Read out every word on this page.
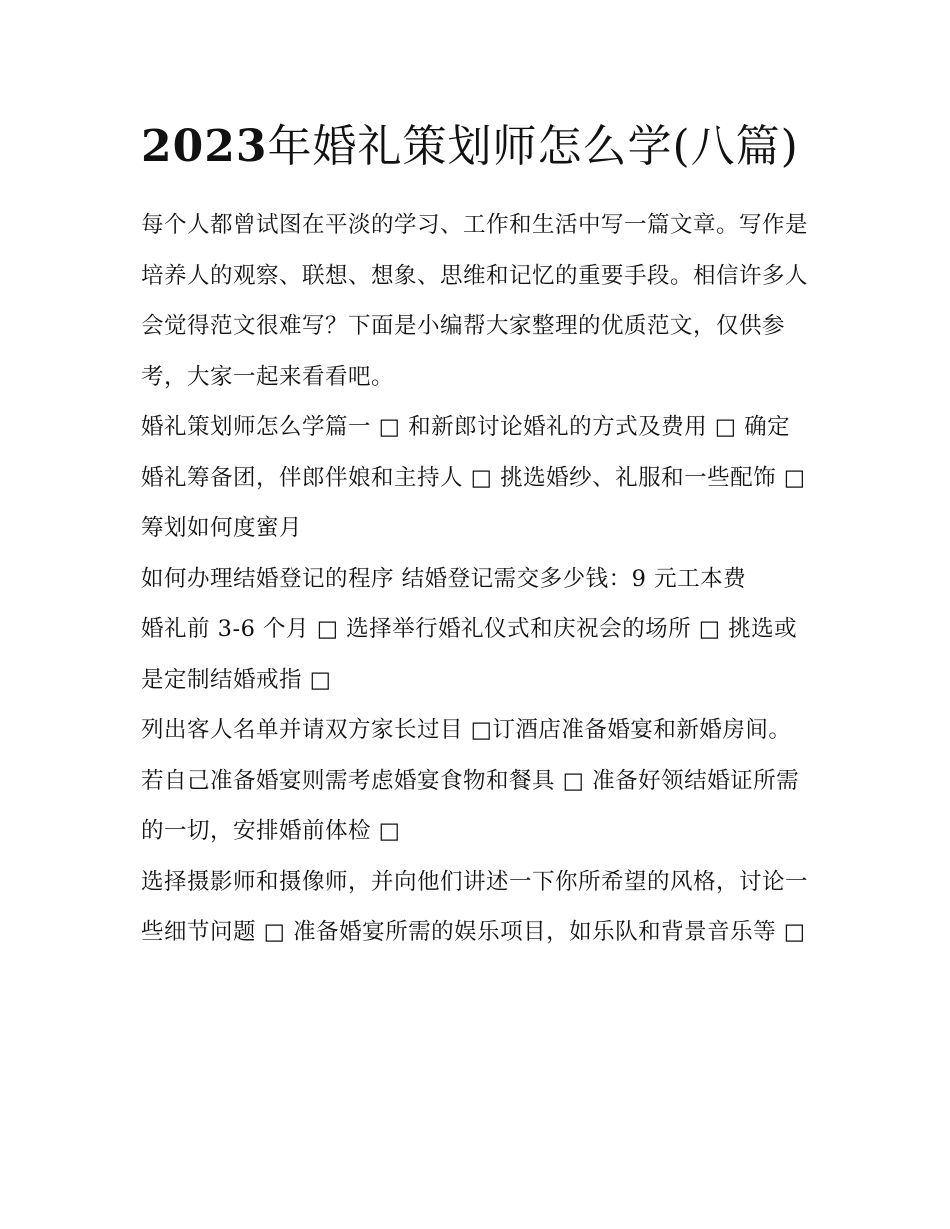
2023年婚礼策划师怎么学(八篇)

每个人都曾试图在平淡的学习、工作和生活中写一篇文章。写作是培养人的观察、联想、想象、思维和记忆的重要手段。相信许多人会觉得范文很难写？下面是小编帮大家整理的优质范文，仅供参考，大家一起来看看吧。

婚礼策划师怎么学篇一 □ 和新郎讨论婚礼的方式及费用 □ 确定婚礼筹备团，伴郎伴娘和主持人 □ 挑选婚纱、礼服和一些配饰 □ 筹划如何度蜜月

如何办理结婚登记的程序 结婚登记需交多少钱：9 元工本费

婚礼前 3-6 个月 □ 选择举行婚礼仪式和庆祝会的场所 □ 挑选或是定制结婚戒指 □

列出客人名单并请双方家长过目 □订酒店准备婚宴和新婚房间。若自己准备婚宴则需考虑婚宴食物和餐具 □ 准备好领结婚证所需的一切，安排婚前体检 □

选择摄影师和摄像师，并向他们讲述一下你所希望的风格，讨论一些细节问题 □ 准备婚宴所需的娱乐项目，如乐队和背景音乐等 □
